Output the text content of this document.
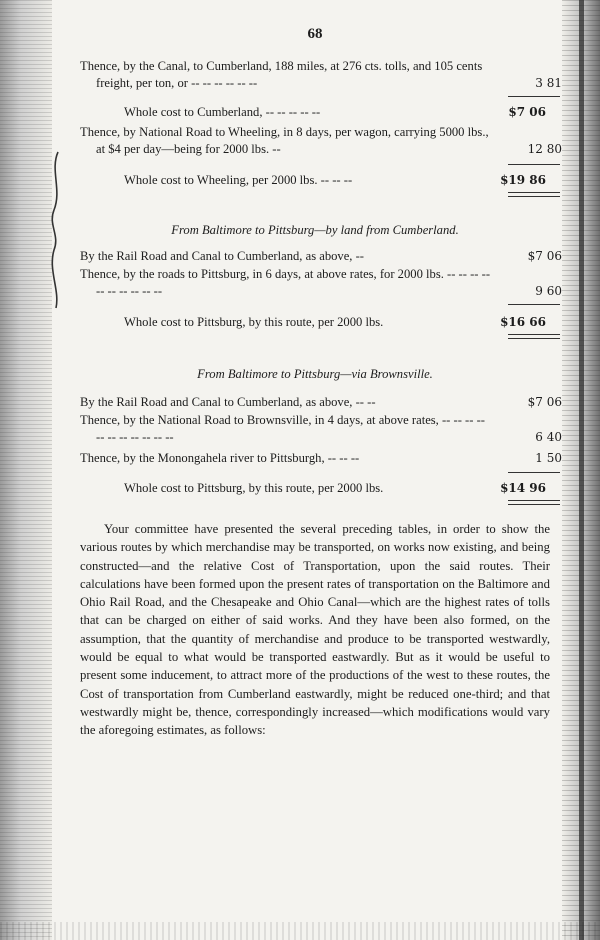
68
Thence, by the Canal, to Cumberland, 188 miles, at 276 cts. tolls, and 105 cents freight, per ton, or -- -- -- -- -- --	3 81
Whole cost to Cumberland, -- -- -- -- --	$7 06
Thence, by National Road to Wheeling, in 8 days, per wagon, carrying 5000 lbs., at $4 per day—being for 2000 lbs. --	12 80
Whole cost to Wheeling, per 2000 lbs. -- -- --	$19 86
From Baltimore to Pittsburg—by land from Cumberland.
By the Rail Road and Canal to Cumberland, as above, --	$7 06
Thence, by the roads to Pittsburg, in 6 days, at above rates, for 2000 lbs. -- -- -- -- -- -- -- -- -- --	9 60
Whole cost to Pittsburg, by this route, per 2000 lbs.	$16 66
From Baltimore to Pittsburg—via Brownsville.
By the Rail Road and Canal to Cumberland, as above, -- --	$7 06
Thence, by the National Road to Brownsville, in 4 days, at above rates, -- -- -- -- -- -- -- -- -- -- --	6 40
Thence, by the Monongahela river to Pittsburgh, -- -- --	1 50
Whole cost to Pittsburg, by this route, per 2000 lbs.	$14 96
Your committee have presented the several preceding tables, in order to show the various routes by which merchandise may be transported, on works now existing, and being constructed—and the relative Cost of Transportation, upon the said routes. Their calculations have been formed upon the present rates of transportation on the Baltimore and Ohio Rail Road, and the Chesapeake and Ohio Canal—which are the highest rates of tolls that can be charged on either of said works. And they have been also formed, on the assumption, that the quantity of merchandise and produce to be transported westwardly, would be equal to what would be transported eastwardly. But as it would be useful to present some inducement, to attract more of the productions of the west to these routes, the Cost of transportation from Cumberland eastwardly, might be reduced one-third; and that westwardly might be, thence, correspondingly increased—which modifications would vary the aforegoing estimates, as follows:
